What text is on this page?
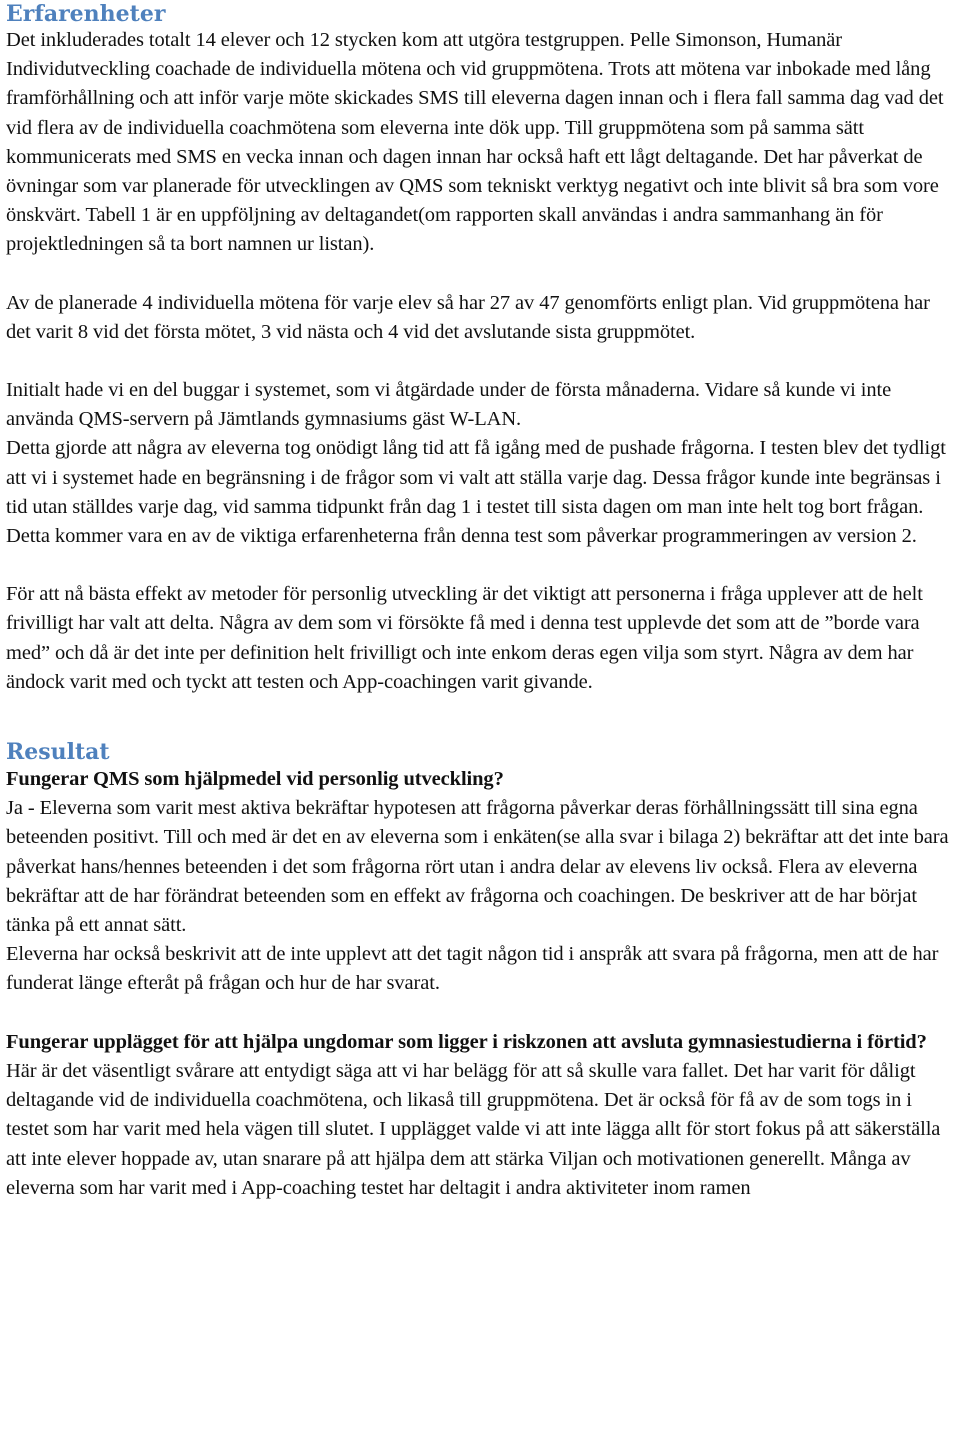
Erfarenheter

Det inkluderades totalt 14 elever och 12 stycken kom att utgöra testgruppen. Pelle Simonson, Humanär Individutveckling coachade de individuella mötena och vid gruppmötena. Trots att mötena var inbokade med lång framförhållning och att inför varje möte skickades SMS till eleverna dagen innan och i flera fall samma dag vad det vid flera av de individuella coachmötena som eleverna inte dök upp. Till gruppmötena som på samma sätt kommunicerats med SMS en vecka innan och dagen innan har också haft ett lågt deltagande. Det har påverkat de övningar som var planerade för utvecklingen av QMS som tekniskt verktyg negativt och inte blivit så bra som vore önskvärt. Tabell 1 är en uppföljning av deltagandet(om rapporten skall användas i andra sammanhang än för projektledningen så ta bort namnen ur listan).

Av de planerade 4 individuella mötena för varje elev så har 27 av 47 genomförts enligt plan. Vid gruppmötena har det varit 8 vid det första mötet, 3 vid nästa och 4 vid det avslutande sista gruppmötet.

Initialt hade vi en del buggar i systemet, som vi åtgärdade under de första månaderna. Vidare så kunde vi inte använda QMS-servern på Jämtlands gymnasiums gäst W-LAN.

Detta gjorde att några av eleverna tog onödigt lång tid att få igång med de pushade frågorna. I testen blev det tydligt att vi i systemet hade en begränsning i de frågor som vi valt att ställa varje dag. Dessa frågor kunde inte begränsas i tid utan ställdes varje dag, vid samma tidpunkt från dag 1 i testet till sista dagen om man inte helt tog bort frågan. Detta kommer vara en av de viktiga erfarenheterna från denna test som påverkar programmeringen av version 2.

För att nå bästa effekt av metoder för personlig utveckling är det viktigt att personerna i fråga upplever att de helt frivilligt har valt att delta. Några av dem som vi försökte få med i denna test upplevde det som att de ”borde vara med” och då är det inte per definition helt frivilligt och inte enkom deras egen vilja som styrt. Några av dem har ändock varit med och tyckt att testen och App-coachingen varit givande.

Resultat

Fungerar QMS som hjälpmedel vid personlig utveckling?

Ja - Eleverna som varit mest aktiva bekräftar hypotesen att frågorna påverkar deras förhållningssätt till sina egna beteenden positivt. Till och med är det en av eleverna som i enkäten(se alla svar i bilaga 2) bekräftar att det inte bara påverkat hans/hennes beteenden i det som frågorna rört utan i andra delar av elevens liv också. Flera av eleverna bekräftar att de har förändrat beteenden som en effekt av frågorna och coachingen. De beskriver att de har börjat tänka på ett annat sätt.

Eleverna har också beskrivit att de inte upplevt att det tagit någon tid i anspråk att svara på frågorna, men att de har funderat länge efteråt på frågan och hur de har svarat.

Fungerar upplägget för att hjälpa ungdomar som ligger i riskzonen att avsluta gymnasiestudierna i förtid?

Här är det väsentligt svårare att entydigt säga att vi har belägg för att så skulle vara fallet. Det har varit för dåligt deltagande vid de individuella coachmötena, och likaså till gruppmötena. Det är också för få av de som togs in i testet som har varit med hela vägen till slutet. I upplägget valde vi att inte lägga allt för stort fokus på att säkerställa att inte elever hoppade av, utan snarare på att hjälpa dem att stärka Viljan och motivationen generellt. Många av eleverna som har varit med i App-coaching testet har deltagit i andra aktiviteter inom ramen
